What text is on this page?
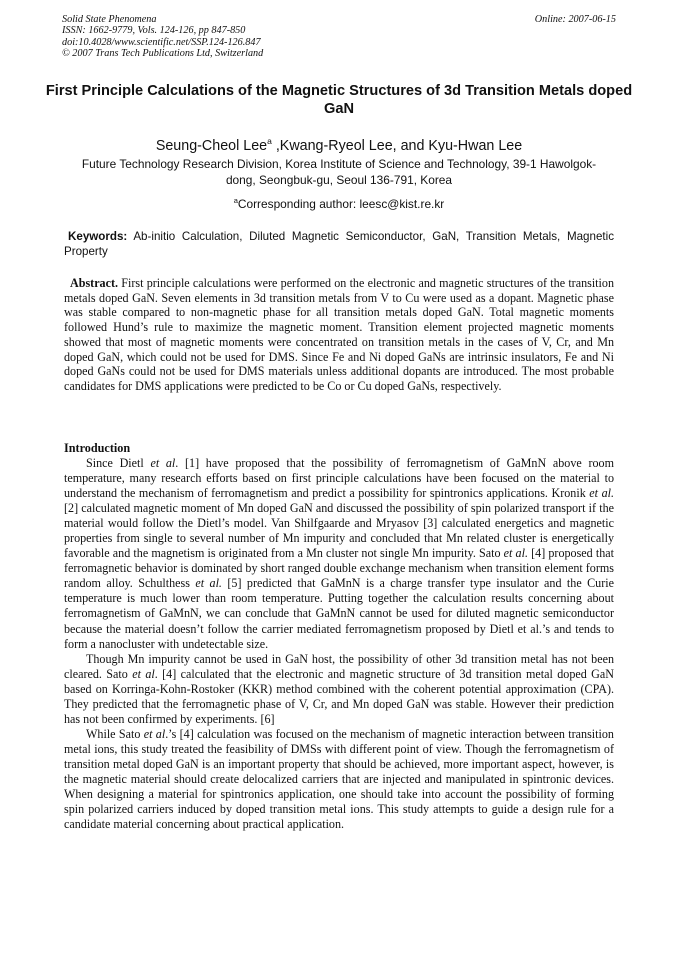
Solid State Phenomena
ISSN: 1662-9779, Vols. 124-126, pp 847-850
doi:10.4028/www.scientific.net/SSP.124-126.847
© 2007 Trans Tech Publications Ltd, Switzerland
Online: 2007-06-15
First Principle Calculations of the Magnetic Structures of 3d Transition Metals doped GaN
Seung-Cheol Lee$^a$ ,Kwang-Ryeol Lee, and Kyu-Hwan Lee
Future Technology Research Division, Korea Institute of Science and Technology, 39-1 Hawolgok-dong, Seongbuk-gu, Seoul 136-791, Korea
$^a$Corresponding author: leesc@kist.re.kr
Keywords: Ab-initio Calculation, Diluted Magnetic Semiconductor, GaN, Transition Metals, Magnetic Property
Abstract. First principle calculations were performed on the electronic and magnetic structures of the transition metals doped GaN. Seven elements in 3d transition metals from V to Cu were used as a dopant. Magnetic phase was stable compared to non-magnetic phase for all transition metals doped GaN. Total magnetic moments followed Hund’s rule to maximize the magnetic moment. Transition element projected magnetic moments showed that most of magnetic moments were concentrated on transition metals in the cases of V, Cr, and Mn doped GaN, which could not be used for DMS. Since Fe and Ni doped GaNs are intrinsic insulators, Fe and Ni doped GaNs could not be used for DMS materials unless additional dopants are introduced. The most probable candidates for DMS applications were predicted to be Co or Cu doped GaNs, respectively.
Introduction

Since Dietl et al. [1] have proposed that the possibility of ferromagnetism of GaMnN above room temperature, many research efforts based on first principle calculations have been focused on the material to understand the mechanism of ferromagnetism and predict a possibility for spintronics applications. Kronik et al. [2] calculated magnetic moment of Mn doped GaN and discussed the possibility of spin polarized transport if the material would follow the Dietl’s model. Van Shilfgaarde and Mryasov [3] calculated energetics and magnetic properties from single to several number of Mn impurity and concluded that Mn related cluster is energetically favorable and the magnetism is originated from a Mn cluster not single Mn impurity. Sato et al. [4] proposed that ferromagnetic behavior is dominated by short ranged double exchange mechanism when transition element forms random alloy. Schulthess et al. [5] predicted that GaMnN is a charge transfer type insulator and the Curie temperature is much lower than room temperature. Putting together the calculation results concerning about ferromagnetism of GaMnN, we can conclude that GaMnN cannot be used for diluted magnetic semiconductor because the material doesn’t follow the carrier mediated ferromagnetism proposed by Dietl et al.’s and tends to form a nanocluster with undetectable size.

Though Mn impurity cannot be used in GaN host, the possibility of other 3d transition metal has not been cleared. Sato et al. [4] calculated that the electronic and magnetic structure of 3d transition metal doped GaN based on Korringa-Kohn-Rostoker (KKR) method combined with the coherent potential approximation (CPA). They predicted that the ferromagnetic phase of V, Cr, and Mn doped GaN was stable. However their prediction has not been confirmed by experiments. [6]

While Sato et al.’s [4] calculation was focused on the mechanism of magnetic interaction between transition metal ions, this study treated the feasibility of DMSs with different point of view. Though the ferromagnetism of transition metal doped GaN is an important property that should be achieved, more important aspect, however, is the magnetic material should create delocalized carriers that are injected and manipulated in spintronic devices. When designing a material for spintronics application, one should take into account the possibility of forming spin polarized carriers induced by doped transition metal ions. This study attempts to guide a design rule for a candidate material concerning about practical application.
